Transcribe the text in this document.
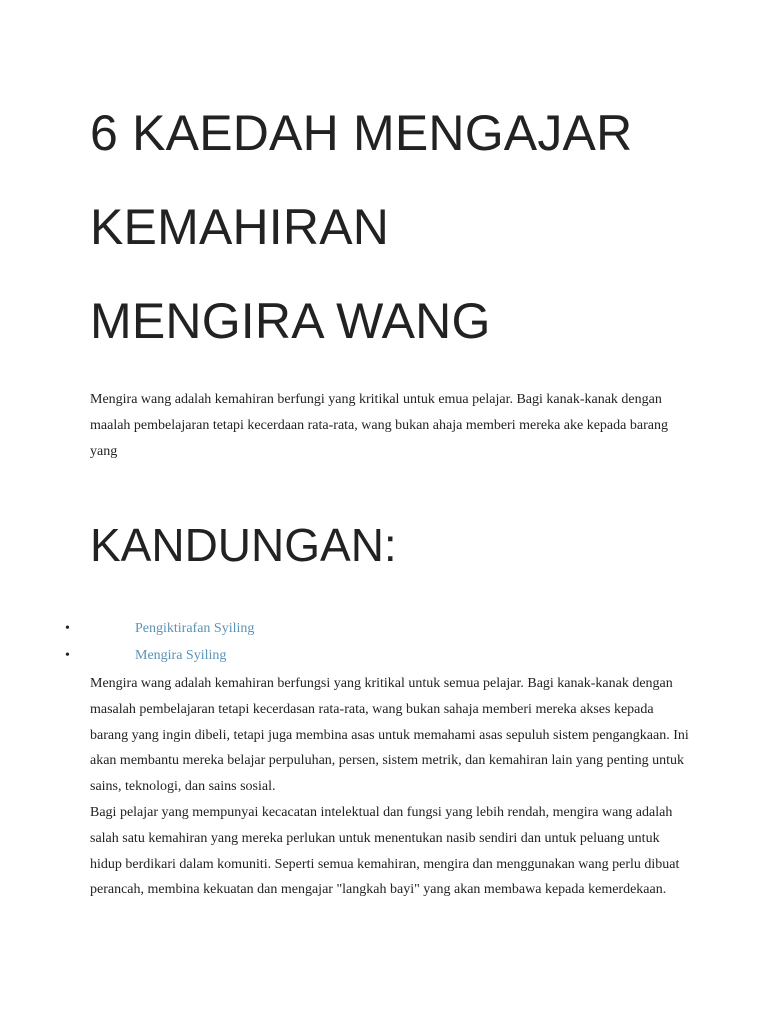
6 KAEDAH MENGAJAR
KEMAHIRAN
MENGIRA WANG

Mengira wang adalah kemahiran berfungi yang kritikal untuk emua pelajar. Bagi kanak-kanak dengan maalah pembelajaran tetapi kecerdaan rata-rata, wang bukan ahaja memberi mereka ake kepada barang yang

KANDUNGAN:
•	Pengiktirafan Syiling
•	Mengira Syiling

Mengira wang adalah kemahiran berfungsi yang kritikal untuk semua pelajar. Bagi kanak-kanak dengan masalah pembelajaran tetapi kecerdasan rata-rata, wang bukan sahaja memberi mereka akses kepada barang yang ingin dibeli, tetapi juga membina asas untuk memahami asas sepuluh sistem pengangkaan. Ini akan membantu mereka belajar perpuluhan, persen, sistem metrik, dan kemahiran lain yang penting untuk sains, teknologi, dan sains sosial.

Bagi pelajar yang mempunyai kecacatan intelektual dan fungsi yang lebih rendah, mengira wang adalah salah satu kemahiran yang mereka perlukan untuk menentukan nasib sendiri dan untuk peluang untuk hidup berdikari dalam komuniti. Seperti semua kemahiran, mengira dan menggunakan wang perlu dibuat perancah, membina kekuatan dan mengajar "langkah bayi" yang akan membawa kepada kemerdekaan.
